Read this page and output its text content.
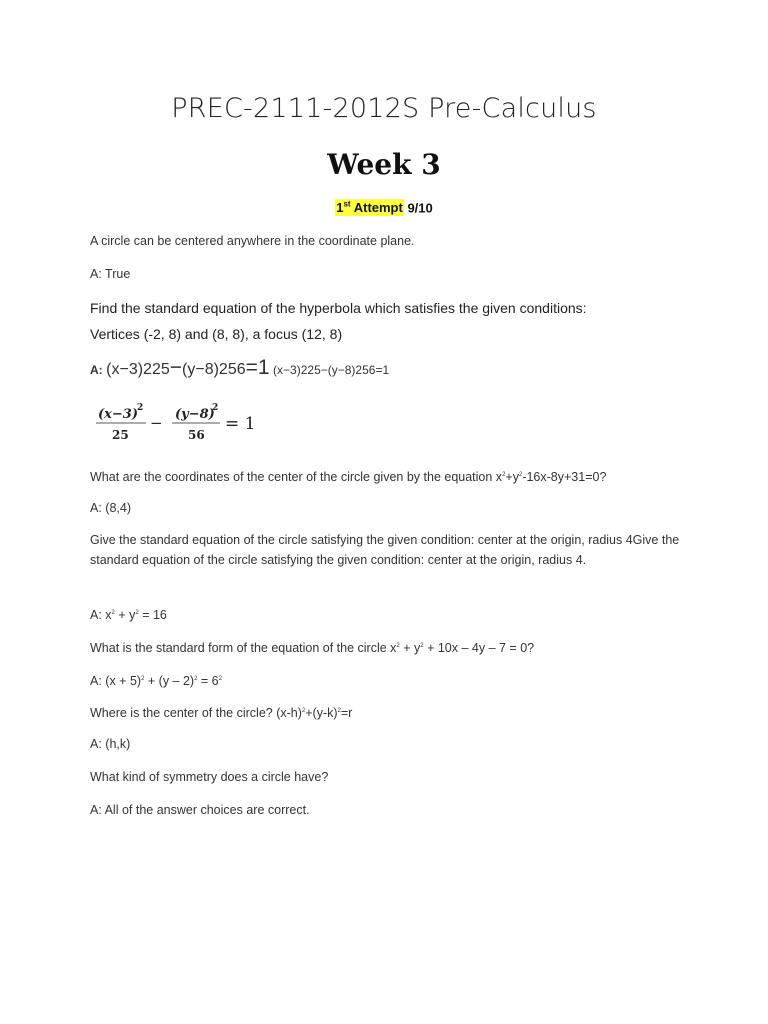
PREC-2111-2012S Pre-Calculus
Week 3
1st Attempt 9/10
A circle can be centered anywhere in the coordinate plane.
A: True
Find the standard equation of the hyperbola which satisfies the given conditions:
Vertices (-2, 8) and (8, 8), a focus (12, 8)
A: (x−3)225−(y−8)256=1 (x−3)225−(y−8)256=1
(x−3) 2
25
− (y−8)
2
56
= 1
What are the coordinates of the center of the circle given by the equation $x^2+y^2-16x-8y+31=0$?
A: (8,4)
Give the standard equation of the circle satisfying the given condition: center at the origin, radius 4Give the standard equation of the circle satisfying the given condition: center at the origin, radius 4.
A: $x^2 + y^2 = 16$
What is the standard form of the equation of the circle $x^2 + y^2 + 10x - 4y - 7 = 0$?
A: $(x + 5)^2 + (y - 2)^2 = 6^2$
Where is the center of the circle? $(x-h)^2+(y-k)^2=r$
A: (h,k)
What kind of symmetry does a circle have?
A: All of the answer choices are correct.
